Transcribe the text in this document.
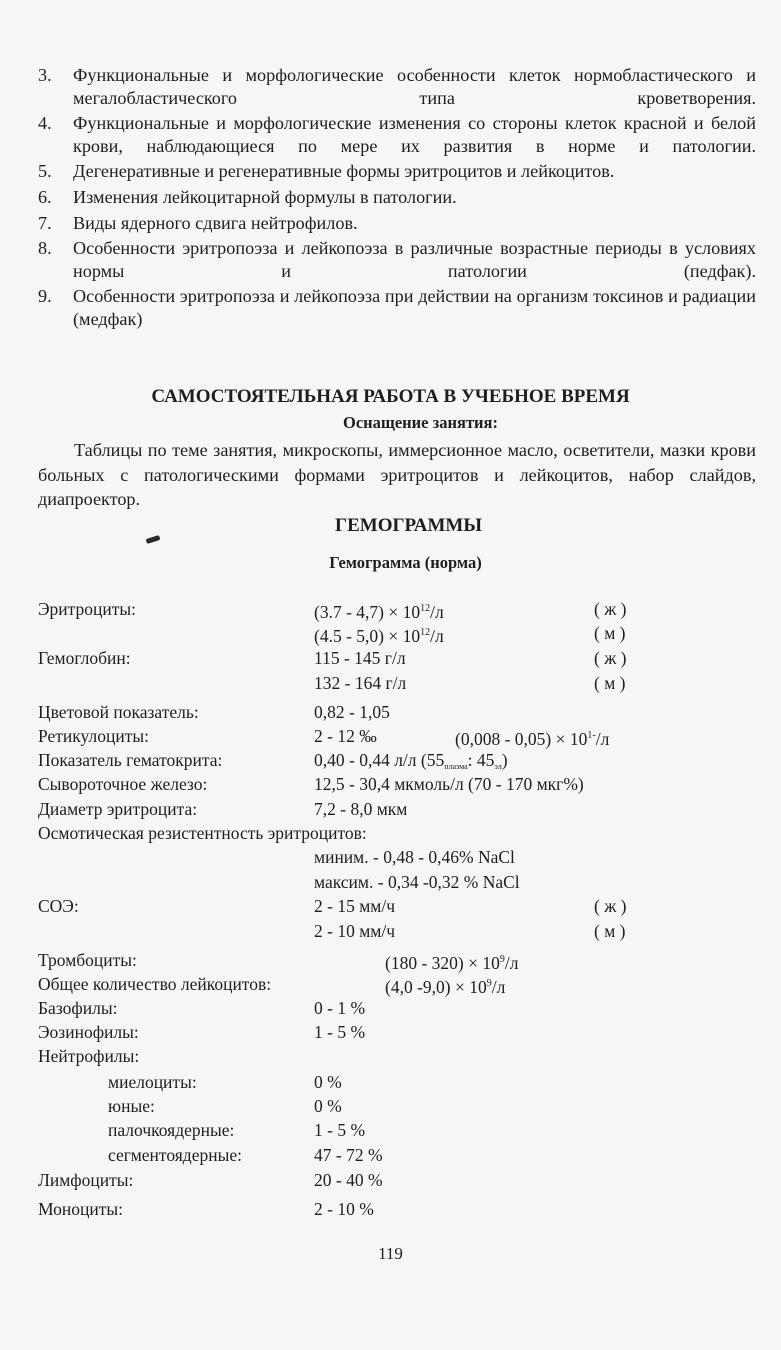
3.	Функциональные и морфологические особенности клеток нормобластического и мегалобластического типа кроветворения.
4.	Функциональные и морфологические изменения со стороны клеток красной и белой крови, наблюдающиеся по мере их развития в норме и патологии.
5.	Дегенеративные и регенеративные формы эритроцитов и лейкоцитов.
6.	Изменения лейкоцитарной формулы в патологии.
7.	Виды ядерного сдвига нейтрофилов.
8.	Особенности эритропоэза и лейкопоэза в различные возрастные периоды в условиях нормы и патологии (педфак).
9.	Особенности эритропоэза и лейкопоэза при действии на организм токсинов и радиации (медфак)
САМОСТОЯТЕЛЬНАЯ РАБОТА В УЧЕБНОЕ ВРЕМЯ
Оснащение занятия:

Таблицы по теме занятия, микроскопы, иммерсионное масло, осветители, мазки крови больных с патологическими формами эритроцитов и лейкоцитов, набор слайдов, диапроектор.

ГЕМОГРАММЫ
Гемограмма (норма)
Эритроциты:	$(3.7 - 4,7) \times 10^{12}/л$	( ж )
$(4.5 - 5,0) \times 10^{12}/л$	( м )
Гемоглобин:	115 - 145 г/л	( ж )
132 - 164 г/л	( м )
Цветовой показатель:	0,82 - 1,05
Ретикулоциты:	2 - 12 ‰	$(0,008 - 0,05) \times 10^{1-}/л$
Показатель гематокрита:	0,40 - 0,44 л/л (55плазма: 45эл)
Сывороточное железо:	12,5 - 30,4 мкмоль/л (70 - 170 мкг%)
Диаметр эритроцита:	7,2 - 8,0 мкм
Осмотическая резистентность эритроцитов:
миним. - 0,48 - 0,46% NaCl
максим. - 0,34 -0,32 % NaCl
СОЭ:	2 - 15 мм/ч	( ж )
2 - 10 мм/ч	( м )
Тромбоциты:	$(180 - 320) \times 10^9/л$
Общее количество лейкоцитов:	(4,0 $-9,0) \times 10^9/л$
Базофилы:	0 - 1 %
Эозинофилы:	1 - 5 %
Нейтрофилы:
миелоциты:	0 %
юные:	0 %
палочкоядерные:	1 - 5 %
сегментоядерные:	47 - 72 %
Лимфоциты:	20 - 40 %
Моноциты:	2 - 10 %
119
